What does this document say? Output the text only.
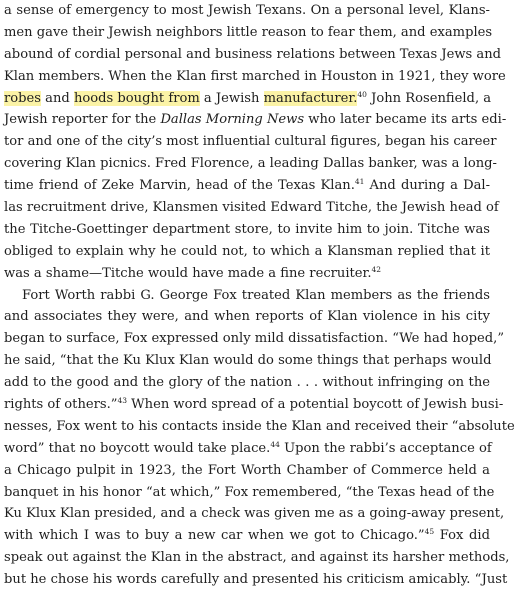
a sense of emergency to most Jewish Texans. On a personal level, Klans-
men gave their Jewish neighbors little reason to fear them, and examples
abound of cordial personal and business relations between Texas Jews and
Klan members. When the Klan first marched in Houston in 1921, they wore
robes and hoods bought from a Jewish manufacturer.$^{40}$ John Rosenfield, a
Jewish reporter for the Dallas Morning News who later became its arts edi-
tor and one of the city’s most influential cultural figures, began his career
covering Klan picnics. Fred Florence, a leading Dallas banker, was a long-
time friend of Zeke Marvin, head of the Texas Klan.$^{41}$ And during a Dal-
las recruitment drive, Klansmen visited Edward Titche, the Jewish head of
the Titche-Goettinger department store, to invite him to join. Titche was
obliged to explain why he could not, to which a Klansman replied that it
was a shame—Titche would have made a fine recruiter.$^{42}$
Fort Worth rabbi G. George Fox treated Klan members as the friends
and associates they were, and when reports of Klan violence in his city
began to surface, Fox expressed only mild dissatisfaction. “We had hoped,”
he said, “that the Ku Klux Klan would do some things that perhaps would
add to the good and the glory of the nation . . . without infringing on the
rights of others.”$^{43}$ When word spread of a potential boycott of Jewish busi-
nesses, Fox went to his contacts inside the Klan and received their “absolute
word” that no boycott would take place.$^{44}$ Upon the rabbi’s acceptance of
a Chicago pulpit in 1923, the Fort Worth Chamber of Commerce held a
banquet in his honor “at which,” Fox remembered, “the Texas head of the
Ku Klux Klan presided, and a check was given me as a going-away present,
with which I was to buy a new car when we got to Chicago.”$^{45}$ Fox did
speak out against the Klan in the abstract, and against its harsher methods,
but he chose his words carefully and presented his criticism amicably. “Just
